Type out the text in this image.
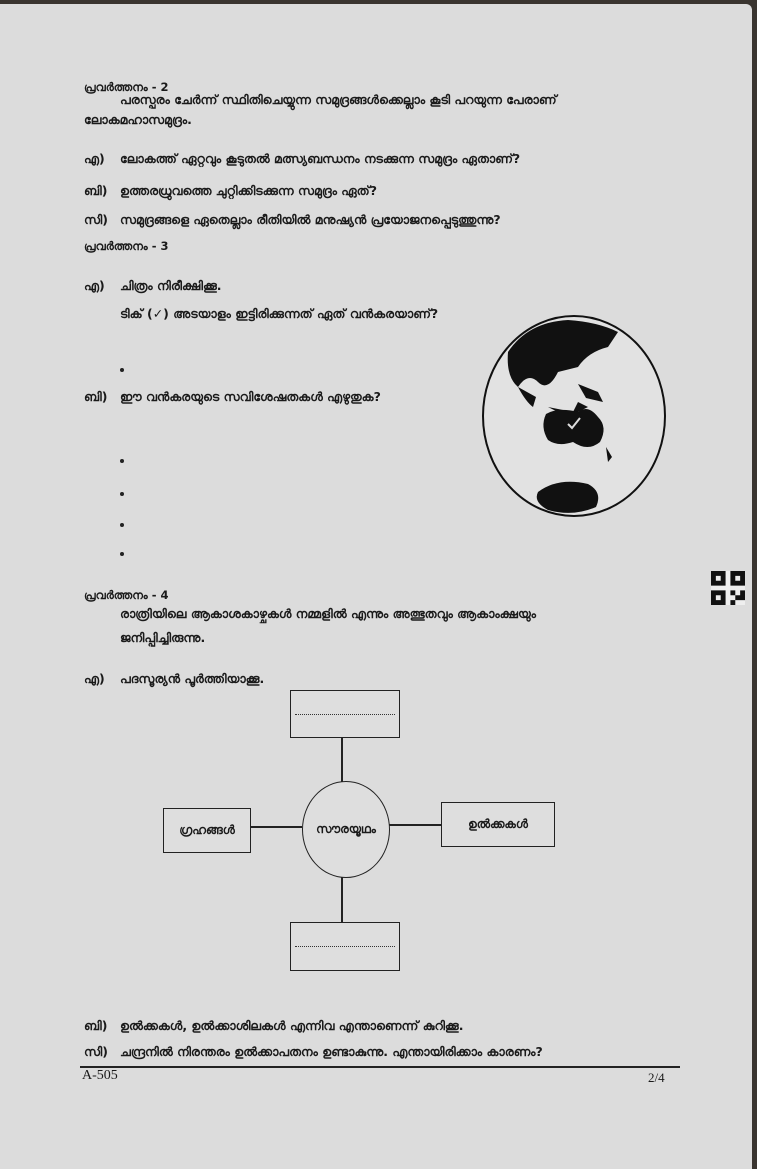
പ്രവർത്തനം - 2
പരസ്പരം ചേർന്ന് സ്ഥിതിചെയ്യുന്ന സമുദ്രങ്ങൾക്കെല്ലാം കൂടി പറയുന്ന പേരാണ്
ലോകമഹാസമുദ്രം.
എ) ലോകത്ത് ഏറ്റവും കൂടുതൽ മത്സ്യബന്ധനം നടക്കുന്ന സമുദ്രം ഏതാണ്?
ബി) ഉത്തരധ്രുവത്തെ ചുറ്റിക്കിടക്കുന്ന സമുദ്രം ഏത്?
സി) സമുദ്രങ്ങളെ ഏതെല്ലാം രീതിയിൽ മനുഷ്യൻ പ്രയോജനപ്പെടുത്തുന്നു?
പ്രവർത്തനം - 3
എ) ചിത്രം നിരീക്ഷിക്കൂ.
ടിക് (✓) അടയാളം ഇട്ടിരിക്കുന്നത് ഏത് വൻകരയാണ്?
ബി) ഈ വൻകരയുടെ സവിശേഷതകൾ എഴുതുക?
പ്രവർത്തനം - 4
രാത്രിയിലെ ആകാശകാഴ്ചകൾ നമ്മളിൽ എന്നും അത്ഭുതവും ആകാംക്ഷയും
ജനിപ്പിച്ചിരുന്നു.
എ) പദസൂര്യൻ പൂർത്തിയാക്കൂ.
ഗ്രഹങ്ങൾ	ഉൽക്കകൾ
സൗരയൂഥം
ബി) ഉൽക്കകൾ, ഉൽക്കാശിലകൾ എന്നിവ എന്താണെന്ന് കുറിക്കൂ.
സി) ചന്ദ്രനിൽ നിരന്തരം ഉൽക്കാപതനം ഉണ്ടാകുന്നു. എന്തായിരിക്കാം കാരണം?
A-505	2/4
